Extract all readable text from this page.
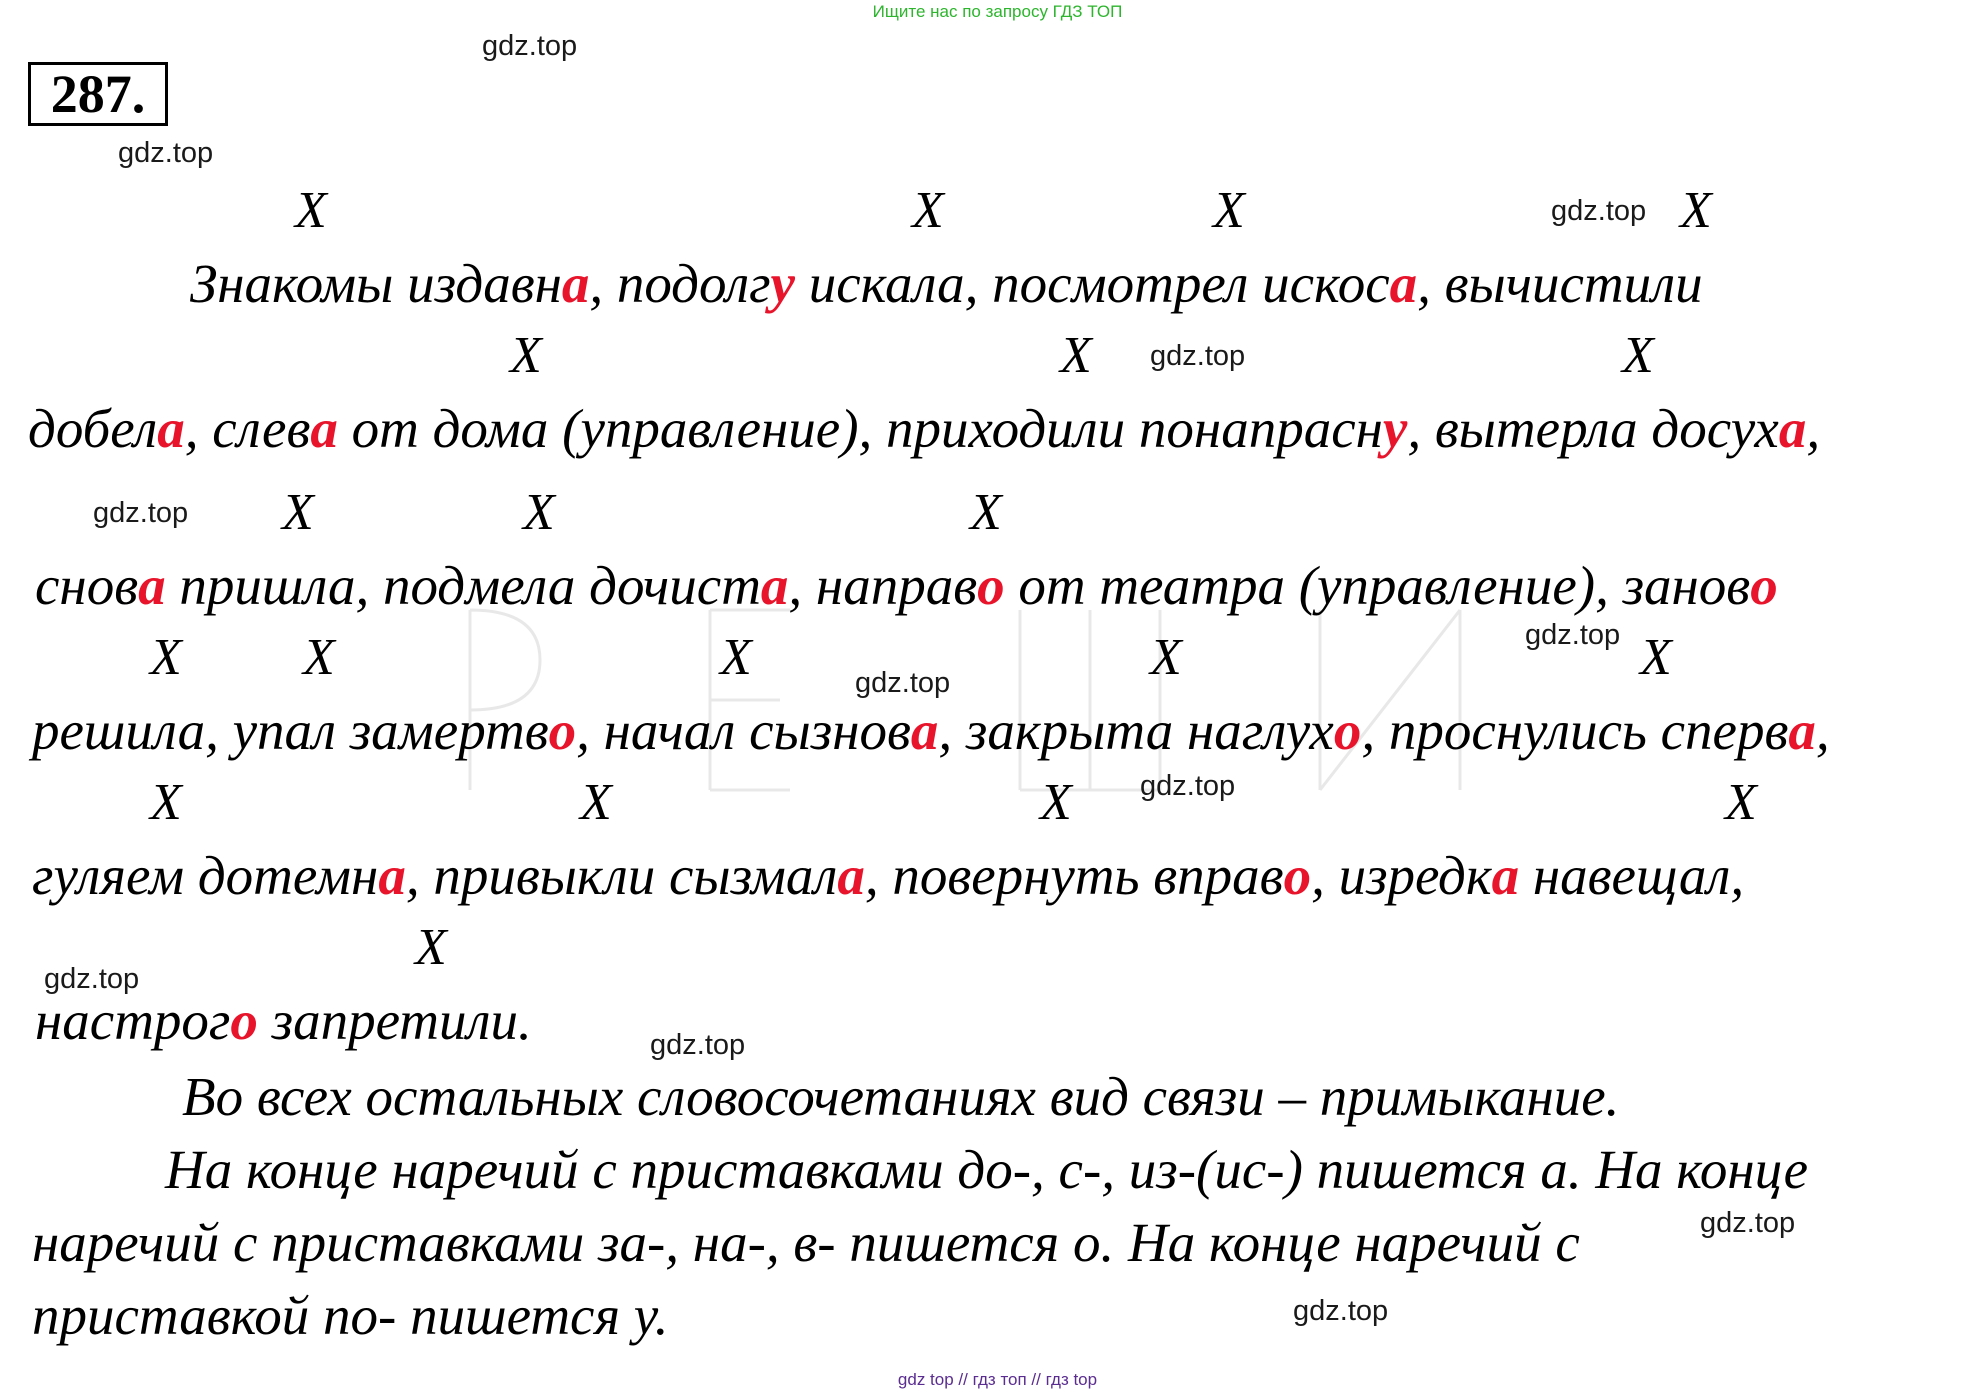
Ищите нас по запросу ГДЗ ТОП
287.
gdz.top
gdz.top
gdz.top
gdz.top
gdz.top
gdz.top
gdz.top
gdz.top
gdz.top
gdz.top
gdz.top
gdz.top
X	X	X	X
X	X	X
X	X	X
X X	X	X	X
X	X	X	X
X
Знакомы издавна, подолгу искала, посмотрел искоса, вычистили
добела, слева от дома (управление), приходили понапрасну, вытерла досуха,
снова пришла, подмела дочиста, направо от театра (управление), заново
решила, упал замертво, начал сызнова, закрыта наглухо, проснулись сперва,
гуляем дотемна, привыкли сызмала, повернуть вправо, изредка навещал,
настрого запретили.
Во всех остальных словосочетаниях вид связи – примыкание.
На конце наречий с приставками до-, с-, из-(ис-) пишется а. На конце
наречий с приставками за-, на-, в- пишется о. На конце наречий с
приставкой по- пишется у.
gdz top // гдз топ // гдз top
